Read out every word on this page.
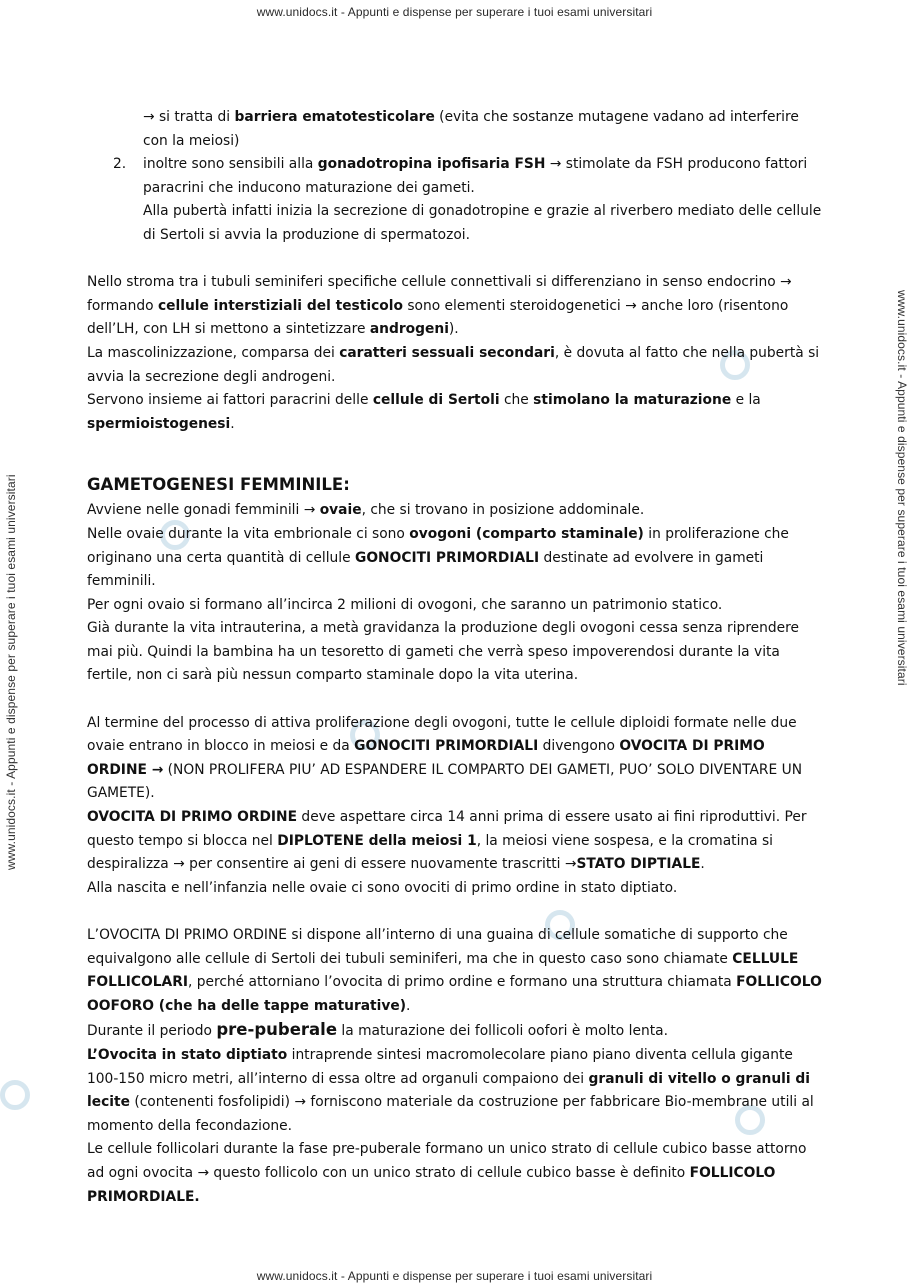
www.unidocs.it - Appunti e dispense per superare i tuoi esami universitari
www.unidocs.it - Appunti e dispense per superare i tuoi esami universitari
www.unidocs.it - Appunti e dispense per superare i tuoi esami universitari

→ si tratta di barriera ematotesticolare (evita che sostanze mutagene vadano ad interferire con la meiosi)

2. inoltre sono sensibili alla gonadotropina ipofisaria FSH → stimolate da FSH producono fattori paracrini che inducono maturazione dei gameti.

Alla pubertà infatti inizia la secrezione di gonadotropine e grazie al riverbero mediato delle cellule di Sertoli si avvia la produzione di spermatozoi.

Nello stroma tra i tubuli seminiferi specifiche cellule connettivali si differenziano in senso endocrino → formando cellule interstiziali del testicolo sono elementi steroidogenetici → anche loro (risentono dell’LH, con LH si mettono a sintetizzare androgeni).

La mascolinizzazione, comparsa dei caratteri sessuali secondari, è dovuta al fatto che nella pubertà si avvia la secrezione degli androgeni.

Servono insieme ai fattori paracrini delle cellule di Sertoli che stimolano la maturazione e la spermioistogenesi.

GAMETOGENESI FEMMINILE:

Avviene nelle gonadi femminili → ovaie, che si trovano in posizione addominale.

Nelle ovaie durante la vita embrionale ci sono ovogoni (comparto staminale) in proliferazione che originano una certa quantità di cellule GONOCITI PRIMORDIALI destinate ad evolvere in gameti femminili.

Per ogni ovaio si formano all’incirca 2 milioni di ovogoni, che saranno un patrimonio statico.

Già durante la vita intrauterina, a metà gravidanza la produzione degli ovogoni cessa senza riprendere mai più. Quindi la bambina ha un tesoretto di gameti che verrà speso impoverendosi durante la vita fertile, non ci sarà più nessun comparto staminale dopo la vita uterina.

Al termine del processo di attiva proliferazione degli ovogoni, tutte le cellule diploidi formate nelle due ovaie entrano in blocco in meiosi e da GONOCITI PRIMORDIALI divengono OVOCITA DI PRIMO ORDINE → (NON PROLIFERA PIU’ AD ESPANDERE IL COMPARTO DEI GAMETI, PUO’ SOLO DIVENTARE UN GAMETE).

OVOCITA DI PRIMO ORDINE deve aspettare circa 14 anni prima di essere usato ai fini riproduttivi. Per questo tempo si blocca nel DIPLOTENE della meiosi 1, la meiosi viene sospesa, e la cromatina si despiralizza → per consentire ai geni di essere nuovamente trascritti →STATO DIPTIALE.

Alla nascita e nell’infanzia nelle ovaie ci sono ovociti di primo ordine in stato diptiato.

L’OVOCITA DI PRIMO ORDINE si dispone all’interno di una guaina di cellule somatiche di supporto che equivalgono alle cellule di Sertoli dei tubuli seminiferi, ma che in questo caso sono chiamate CELLULE FOLLICOLARI, perché attorniano l’ovocita di primo ordine e formano una struttura chiamata FOLLICOLO OOFORO (che ha delle tappe maturative).

Durante il periodo pre-puberale la maturazione dei follicoli oofori è molto lenta.

L’Ovocita in stato diptiato intraprende sintesi macromolecolare piano piano diventa cellula gigante 100-150 micro metri, all’interno di essa oltre ad organuli compaiono dei granuli di vitello o granuli di lecite (contenenti fosfolipidi) → forniscono materiale da costruzione per fabbricare Bio-membrane utili al momento della fecondazione.

Le cellule follicolari durante la fase pre-puberale formano un unico strato di cellule cubico basse attorno ad ogni ovocita → questo follicolo con un unico strato di cellule cubico basse è definito FOLLICOLO PRIMORDIALE.

www.unidocs.it - Appunti e dispense per superare i tuoi esami universitari
